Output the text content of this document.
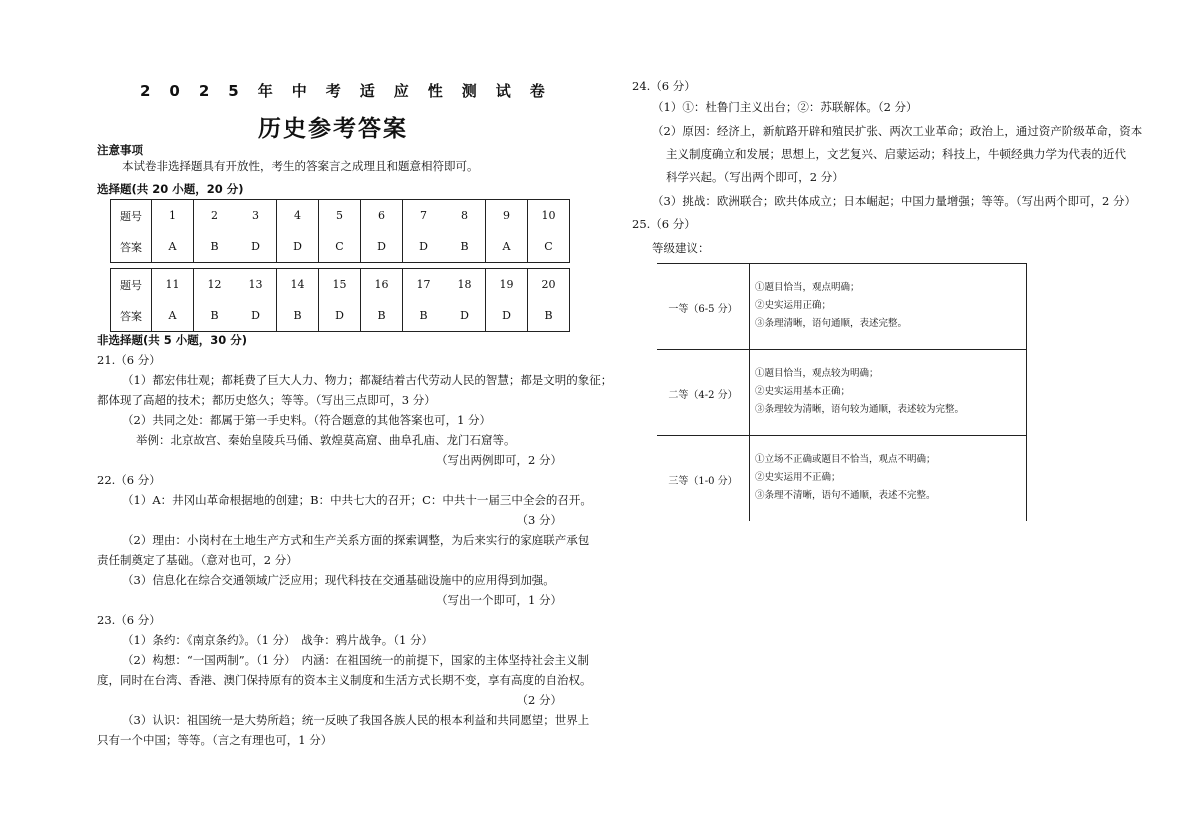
2025年中考适应性测试卷
历史参考答案
注意事项
本试卷非选择题具有开放性，考生的答案言之成理且和题意相符即可。
选择题(共 20 小题，20 分)
题号	1	2	3	4	5	6	7	8	9	10
答案	A	B	D	D	C	D	D	B	A	C

题号	11	12	13	14	15	16	17	18	19	20
答案	A	B	D	B	D	B	B	D	D	B
非选择题(共 5 小题，30 分)
21.（6 分）
（1）都宏伟壮观；都耗费了巨大人力、物力；都凝结着古代劳动人民的智慧；都是文明的象征；
都体现了高超的技术；都历史悠久；等等。（写出三点即可，3 分）
（2）共同之处：都属于第一手史料。（符合题意的其他答案也可，1 分）
举例：北京故宫、秦始皇陵兵马俑、敦煌莫高窟、曲阜孔庙、龙门石窟等。
（写出两例即可，2 分）
22.（6 分）
（1）A：井冈山革命根据地的创建；B：中共七大的召开；C：中共十一届三中全会的召开。
（3 分）
（2）理由：小岗村在土地生产方式和生产关系方面的探索调整，为后来实行的家庭联产承包
责任制奠定了基础。（意对也可，2 分）
（3）信息化在综合交通领域广泛应用；现代科技在交通基础设施中的应用得到加强。
（写出一个即可，1 分）
23.（6 分）
（1）条约：《南京条约》。（1 分）　战争：鸦片战争。（1 分）
（2）构想：“一国两制”。（1 分）　内涵：在祖国统一的前提下，国家的主体坚持社会主义制
度，同时在台湾、香港、澳门保持原有的资本主义制度和生活方式长期不变，享有高度的自治权。
（2 分）
（3）认识：祖国统一是大势所趋；统一反映了我国各族人民的根本利益和共同愿望；世界上
只有一个中国；等等。（言之有理也可，1 分）
24.（6 分）
（1）①：杜鲁门主义出台；②：苏联解体。（2 分）
（2）原因：经济上，新航路开辟和殖民扩张、两次工业革命；政治上，通过资产阶级革命，资本
主义制度确立和发展；思想上，文艺复兴、启蒙运动；科技上，牛顿经典力学为代表的近代
科学兴起。（写出两个即可，2 分）
（3）挑战：欧洲联合；欧共体成立；日本崛起；中国力量增强；等等。（写出两个即可，2 分）
25.（6 分）
等级建议：
一等（6-5 分）
①题目恰当，观点明确；
②史实运用正确；
③条理清晰，语句通顺，表述完整。
二等（4-2 分）
①题目恰当，观点较为明确；
②史实运用基本正确；
③条理较为清晰，语句较为通顺，表述较为完整。
三等（1-0 分）
①立场不正确或题目不恰当，观点不明确；
②史实运用不正确；
③条理不清晰，语句不通顺，表述不完整。
